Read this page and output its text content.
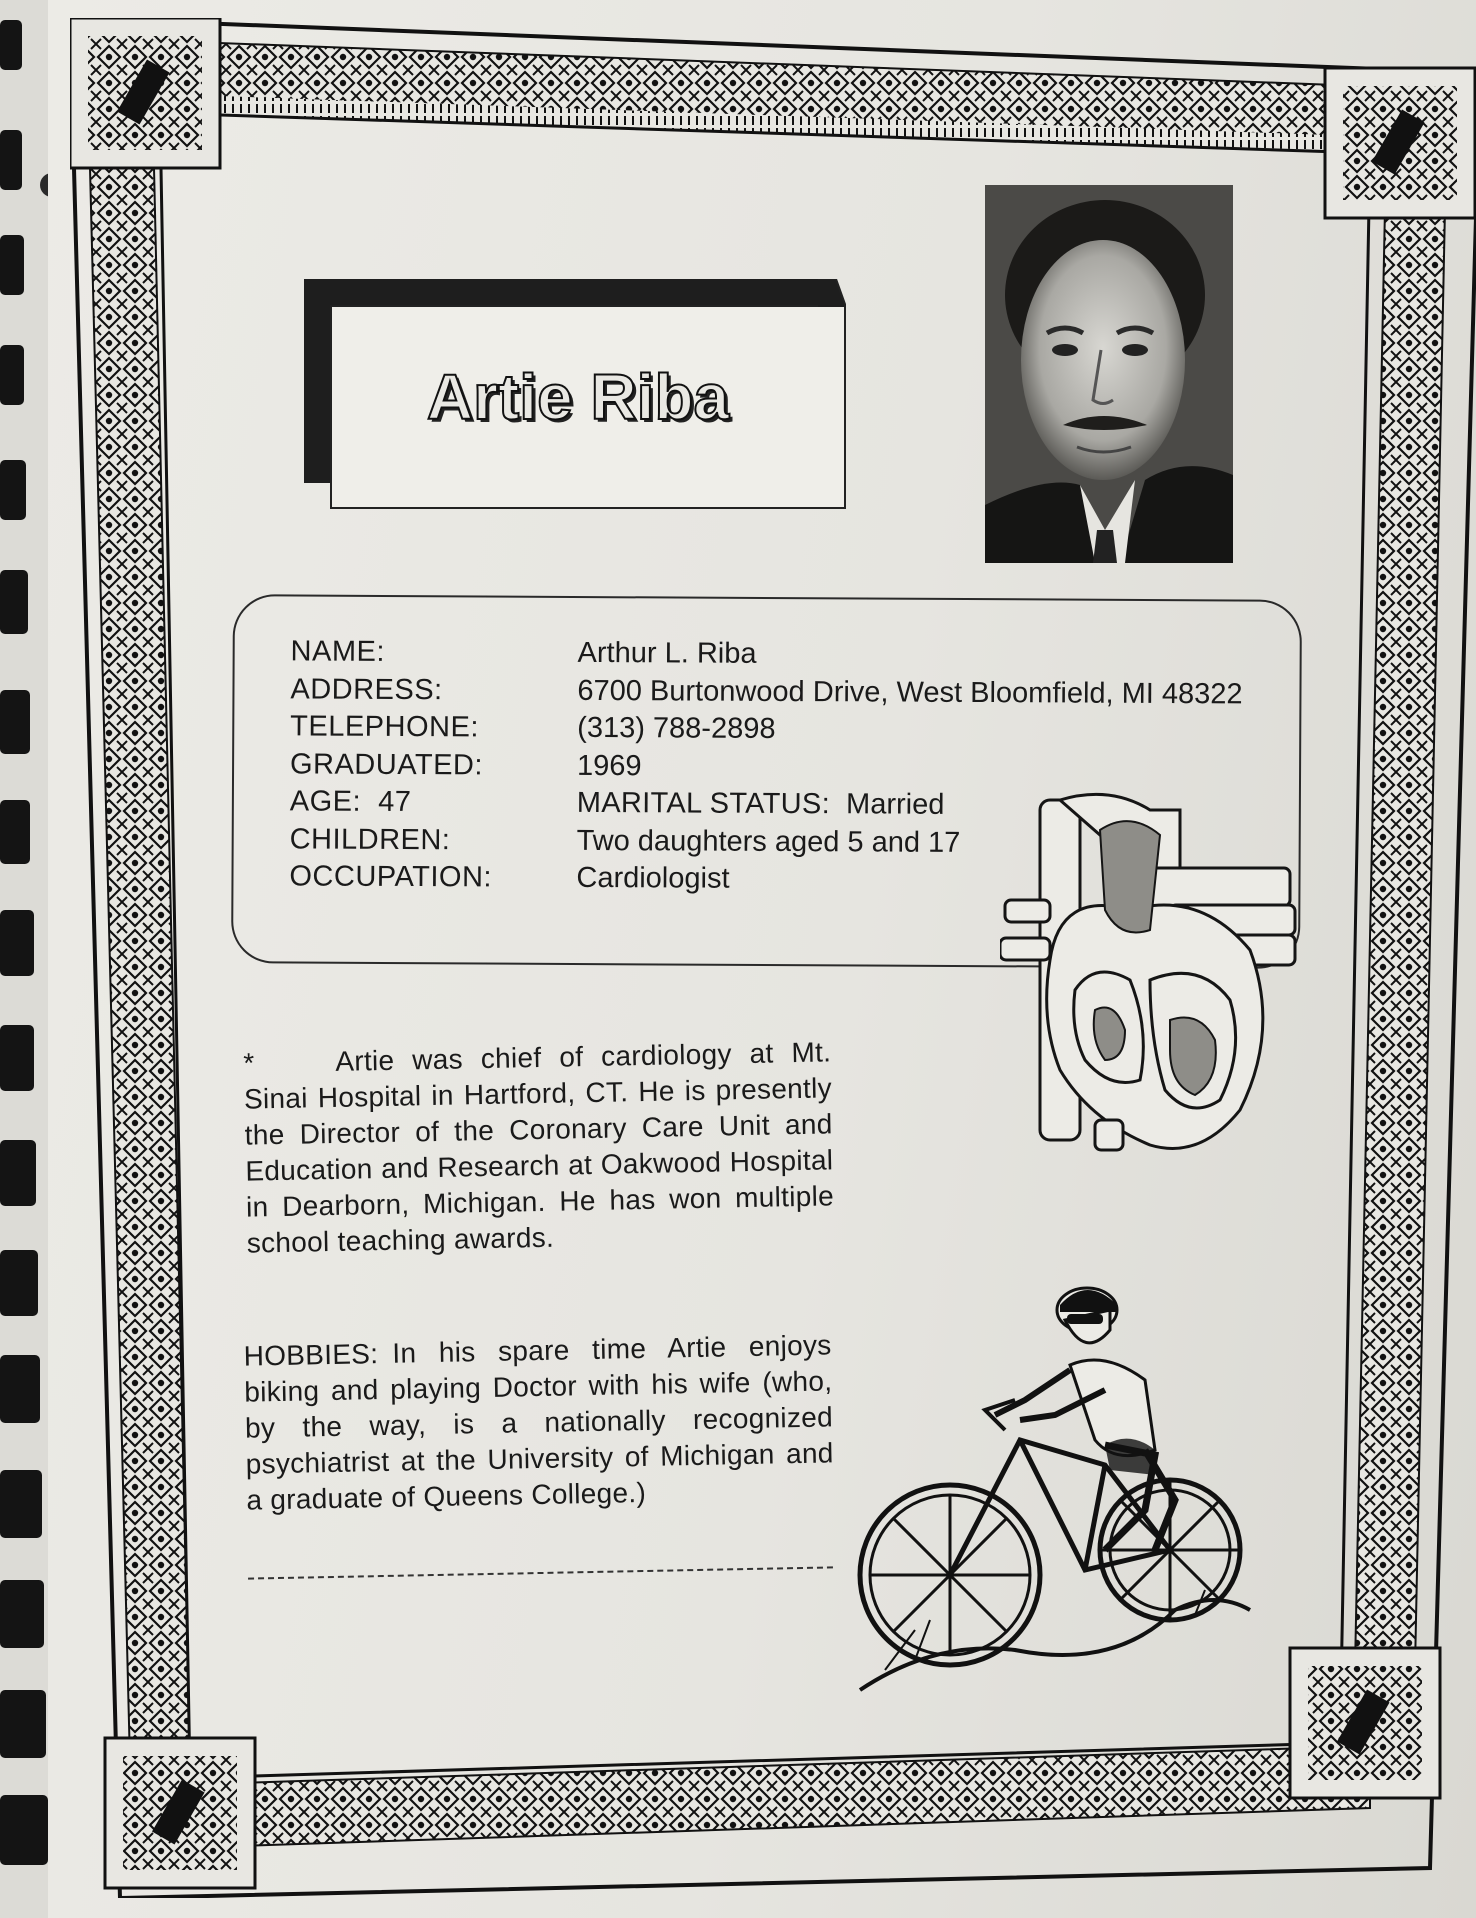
Artie Riba
NAME:	Arthur L. Riba
ADDRESS:	6700 Burtonwood Drive, West Bloomfield, MI 48322
TELEPHONE:	(313) 788-2898
GRADUATED:	1969
AGE:  47	MARITAL STATUS: Married
CHILDREN:	Two daughters aged 5 and 17
OCCUPATION:	Cardiologist
*	Artie was chief of cardiology at Mt. Sinai Hospital in Hartford, CT. He is presently the Director of the Coronary Care Unit and Education and Research at Oakwood Hospital in Dearborn, Michigan. He has won multiple school teaching awards.
HOBBIES: In his spare time Artie enjoys biking and playing Doctor with his wife (who, by the way, is a nationally recognized psychiatrist at the University of Michigan and a graduate of Queens College.)
